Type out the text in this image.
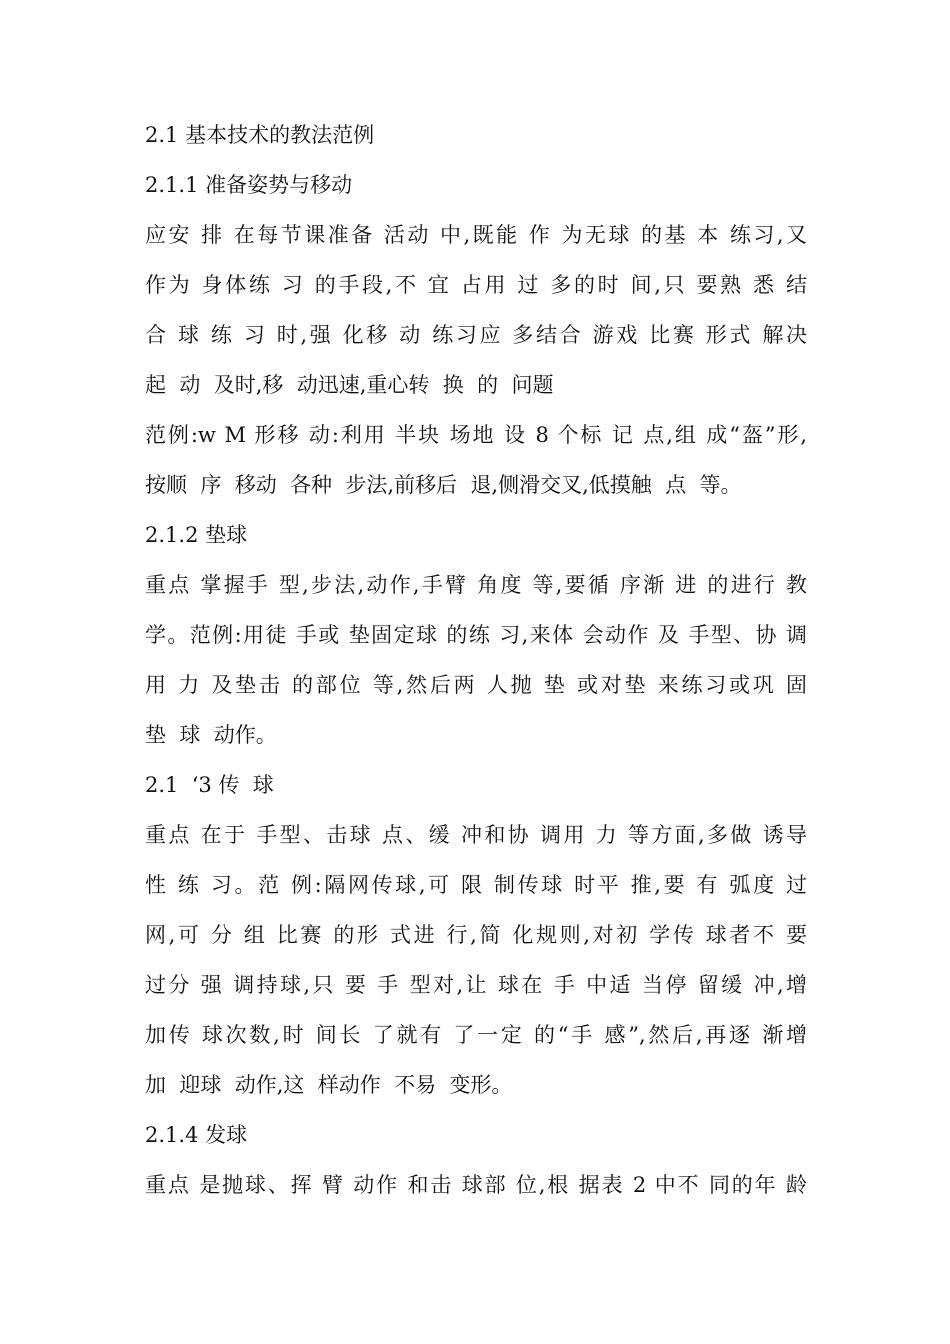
2.1 基本技术的教法范例
2.1.1 准备姿势与移动
应安 排 在每节课准备 活动 中,既能 作 为无球 的基 本 练习,又
作为 身体练 习 的手段,不 宜 占用 过 多的时 间,只 要熟 悉 结
合 球 练 习 时,强 化移 动 练习应 多结合 游戏 比赛 形式 解决
起  动  及时,移  动迅速,重心转  换  的  问题
范例:w M 形移 动:利用 半块 场地 设 8 个标 记 点,组 成“盔”形,
按顺  序  移动  各种  步法,前移后  退,侧滑交叉,低摸触  点  等。
2.1.2 垫球
重点 掌握手 型,步法,动作,手臂 角度 等,要循 序渐 进 的进行 教
学。范例:用徒 手或 垫固定球 的练 习,来体 会动作 及 手型、协 调
用 力 及垫击 的部位 等,然后两 人抛 垫 或对垫 来练习或巩 固
垫  球  动作。
2.1  ‘3 传  球
重点 在于 手型、击球 点、缓 冲和协 调用 力 等方面,多做 诱导
性 练 习。范 例:隔网传球,可 限 制传球 时平 推,要 有 弧度 过
网,可 分 组 比赛 的形 式进 行,简 化规则,对初 学传 球者不 要
过分 强 调持球,只 要 手 型对,让 球在 手 中适 当停 留缓 冲,增
加传 球次数,时 间长 了就有 了一定 的“手 感”,然后,再逐 渐增
加  迎球  动作,这  样动作  不易  变形。
2.1.4 发球
重点 是抛球、挥 臂 动作 和击 球部 位,根 据表 2 中不 同的年 龄
